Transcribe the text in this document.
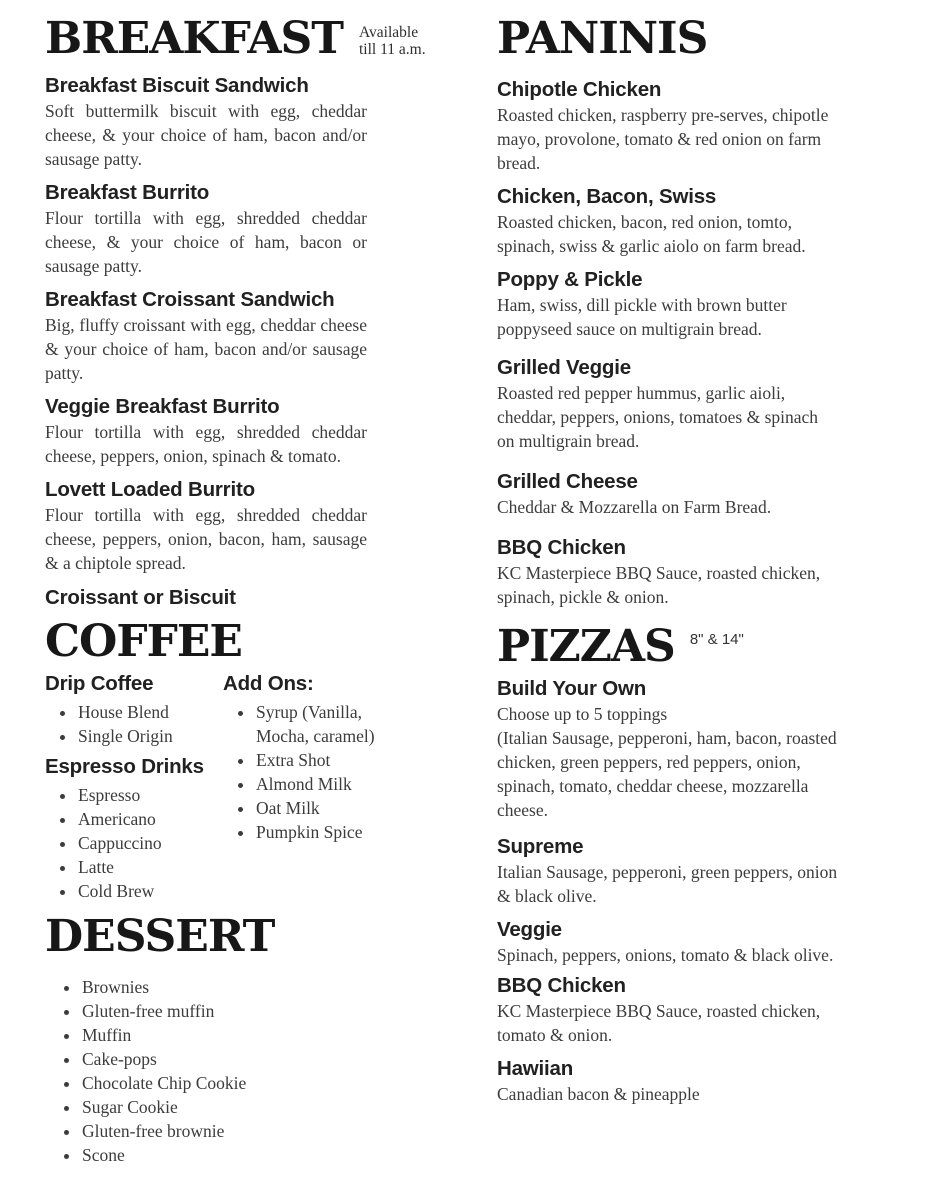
BREAKFAST Available
till 11 a.m.
Breakfast Biscuit Sandwich
Soft buttermilk biscuit with egg, cheddar cheese, & your choice of ham, bacon and/or sausage patty.
Breakfast Burrito
Flour tortilla with egg, shredded cheddar cheese, & your choice of ham, bacon or sausage patty.
Breakfast Croissant Sandwich
Big, fluffy croissant with egg, cheddar cheese & your choice of ham, bacon and/or sausage patty.
Veggie Breakfast Burrito
Flour tortilla with egg, shredded cheddar cheese, peppers, onion, spinach & tomato.
Lovett Loaded Burrito
Flour tortilla with egg, shredded cheddar cheese, peppers, onion, bacon, ham, sausage & a chiptole spread.
Croissant or Biscuit
COFFEE
Drip Coffee
• House Blend
• Single Origin
Espresso Drinks
• Espresso
• Americano
• Cappuccino
• Latte
• Cold Brew
Add Ons:
• Syrup (Vanilla, Mocha, caramel)
• Extra Shot
• Almond Milk
• Oat Milk
• Pumpkin Spice
DESSERT
• Brownies
• Gluten-free muffin
• Muffin
• Cake-pops
• Chocolate Chip Cookie
• Sugar Cookie
• Gluten-free brownie
• Scone
PANINIS
Chipotle Chicken
Roasted chicken, raspberry pre-serves, chipotle mayo, provolone, tomato & red onion on farm bread.
Chicken, Bacon, Swiss
Roasted chicken, bacon, red onion, tomto, spinach, swiss & garlic aiolo on farm bread.
Poppy & Pickle
Ham, swiss, dill pickle with brown butter poppyseed sauce on multigrain bread.
Grilled Veggie
Roasted red pepper hummus, garlic aioli, cheddar, peppers, onions, tomatoes & spinach on multigrain bread.
Grilled Cheese
Cheddar & Mozzarella on Farm Bread.
BBQ Chicken
KC Masterpiece BBQ Sauce, roasted chicken, spinach, pickle & onion.
PIZZAS 8" & 14"
Build Your Own
Choose up to 5 toppings
(Italian Sausage, pepperoni, ham, bacon, roasted chicken, green peppers, red peppers, onion, spinach, tomato, cheddar cheese, mozzarella cheese.
Supreme
Italian Sausage, pepperoni, green peppers, onion & black olive.
Veggie
Spinach, peppers, onions, tomato & black olive.
BBQ Chicken
KC Masterpiece BBQ Sauce, roasted chicken, tomato & onion.
Hawiian
Canadian bacon & pineapple
